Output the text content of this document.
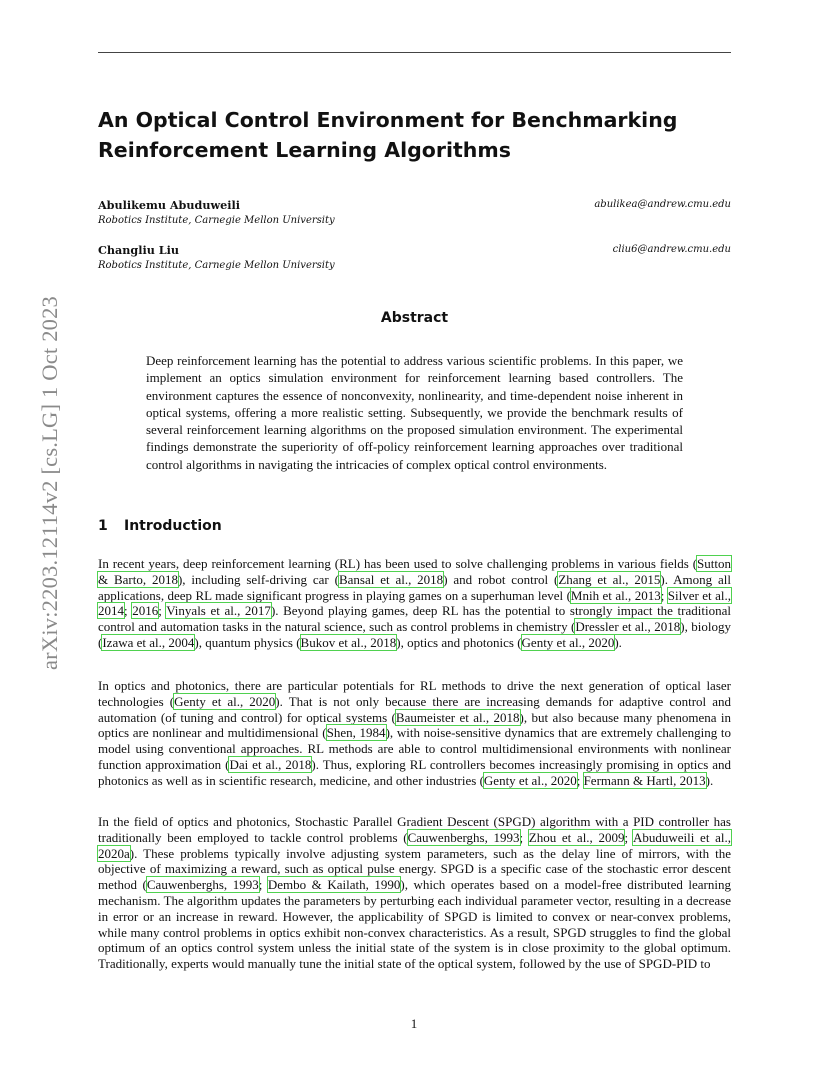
arXiv:2203.12114v2 [cs.LG] 1 Oct 2023
An Optical Control Environment for Benchmarking
Reinforcement Learning Algorithms
Abulikemu Abuduweili
Robotics Institute, Carnegie Mellon University
abulikea@andrew.cmu.edu
Changliu Liu
Robotics Institute, Carnegie Mellon University
cliu6@andrew.cmu.edu
Abstract
Deep reinforcement learning has the potential to address various scientific problems. In this paper, we implement an optics simulation environment for reinforcement learning based controllers. The environment captures the essence of nonconvexity, nonlinearity, and time-dependent noise inherent in optical systems, offering a more realistic setting. Subsequently, we provide the benchmark results of several reinforcement learning algorithms on the proposed simulation environment. The experimental findings demonstrate the superiority of off-policy reinforcement learning approaches over traditional control algorithms in navigating the intricacies of complex optical control environments.
1 Introduction
In recent years, deep reinforcement learning (RL) has been used to solve challenging problems in various fields (Sutton & Barto, 2018), including self-driving car (Bansal et al., 2018) and robot control (Zhang et al., 2015). Among all applications, deep RL made significant progress in playing games on a superhuman level (Mnih et al., 2013; Silver et al., 2014; 2016; Vinyals et al., 2017). Beyond playing games, deep RL has the potential to strongly impact the traditional control and automation tasks in the natural science, such as control problems in chemistry (Dressler et al., 2018), biology (Izawa et al., 2004), quantum physics (Bukov et al., 2018), optics and photonics (Genty et al., 2020).
In optics and photonics, there are particular potentials for RL methods to drive the next generation of optical laser technologies (Genty et al., 2020). That is not only because there are increasing demands for adaptive control and automation (of tuning and control) for optical systems (Baumeister et al., 2018), but also because many phenomena in optics are nonlinear and multidimensional (Shen, 1984), with noise-sensitive dynamics that are extremely challenging to model using conventional approaches. RL methods are able to control multidimensional environments with nonlinear function approximation (Dai et al., 2018). Thus, exploring RL controllers becomes increasingly promising in optics and photonics as well as in scientific research, medicine, and other industries (Genty et al., 2020; Fermann & Hartl, 2013).
In the field of optics and photonics, Stochastic Parallel Gradient Descent (SPGD) algorithm with a PID controller has traditionally been employed to tackle control problems (Cauwenberghs, 1993; Zhou et al., 2009; Abuduweili et al., 2020a). These problems typically involve adjusting system parameters, such as the delay line of mirrors, with the objective of maximizing a reward, such as optical pulse energy. SPGD is a specific case of the stochastic error descent method (Cauwenberghs, 1993; Dembo & Kailath, 1990), which operates based on a model-free distributed learning mechanism. The algorithm updates the parameters by perturbing each individual parameter vector, resulting in a decrease in error or an increase in reward. However, the applicability of SPGD is limited to convex or near-convex problems, while many control problems in optics exhibit non-convex characteristics. As a result, SPGD struggles to find the global optimum of an optics control system unless the initial state of the system is in close proximity to the global optimum. Traditionally, experts would manually tune the initial state of the optical system, followed by the use of SPGD-PID to
1
